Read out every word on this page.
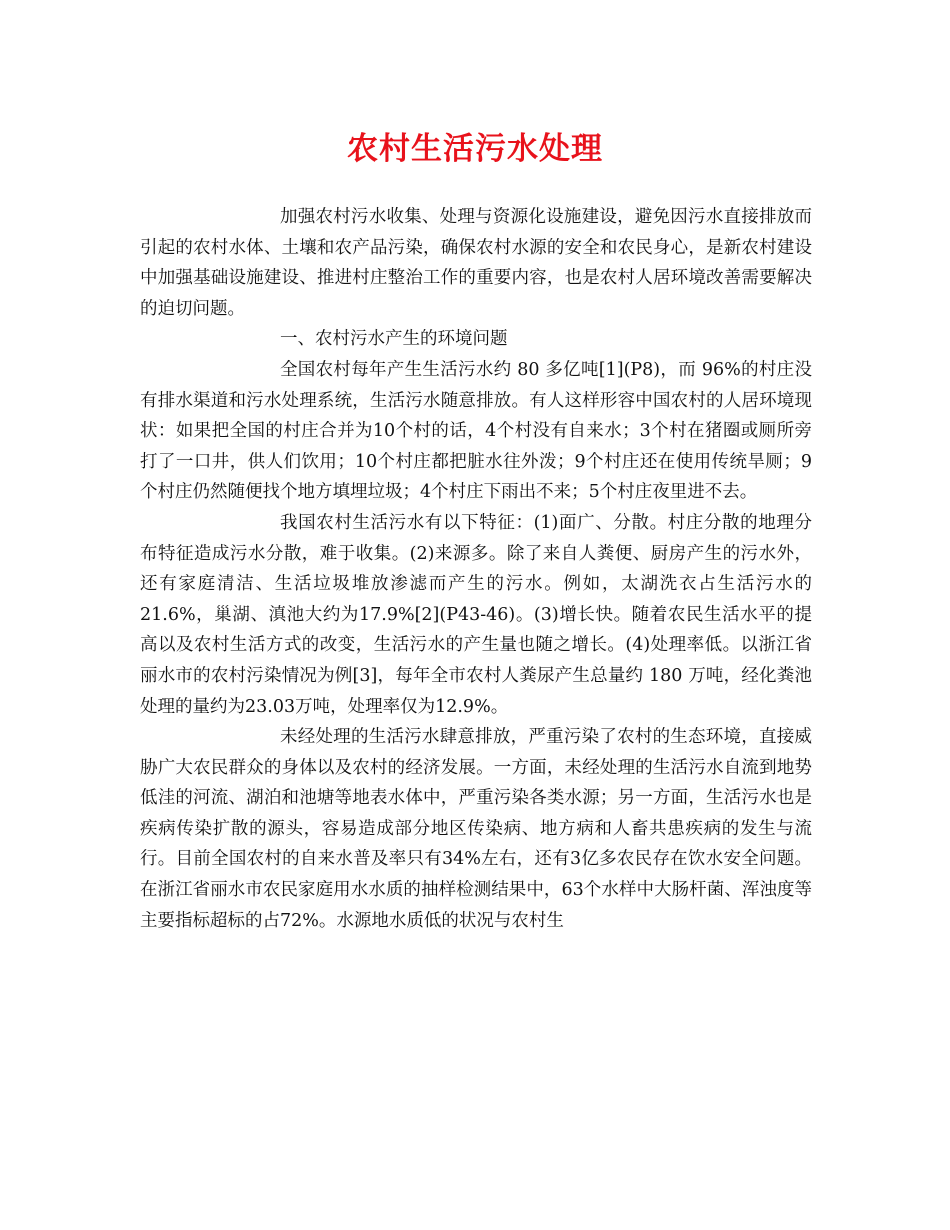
农村生活污水处理

加强农村污水收集、处理与资源化设施建设，避免因污水直接排放而引起的农村水体、土壤和农产品污染，确保农村水源的安全和农民身心，是新农村建设中加强基础设施建设、推进村庄整治工作的重要内容，也是农村人居环境改善需要解决的迫切问题。

一、农村污水产生的环境问题

全国农村每年产生生活污水约 80 多亿吨[1](P8)，而 96%的村庄没有排水渠道和污水处理系统，生活污水随意排放。有人这样形容中国农村的人居环境现状：如果把全国的村庄合并为10个村的话，4个村没有自来水；3个村在猪圈或厕所旁打了一口井，供人们饮用；10个村庄都把脏水往外泼；9个村庄还在使用传统旱厕；9个村庄仍然随便找个地方填埋垃圾；4个村庄下雨出不来；5个村庄夜里进不去。

我国农村生活污水有以下特征：(1)面广、分散。村庄分散的地理分布特征造成污水分散，难于收集。(2)来源多。除了来自人粪便、厨房产生的污水外，还有家庭清洁、生活垃圾堆放渗滤而产生的污水。例如，太湖洗衣占生活污水的21.6%，巢湖、滇池大约为17.9%[2](P43-46)。(3)增长快。随着农民生活水平的提高以及农村生活方式的改变，生活污水的产生量也随之增长。(4)处理率低。以浙江省丽水市的农村污染情况为例[3]，每年全市农村人粪尿产生总量约 180 万吨，经化粪池处理的量约为23.03万吨，处理率仅为12.9%。

未经处理的生活污水肆意排放，严重污染了农村的生态环境，直接威胁广大农民群众的身体以及农村的经济发展。一方面，未经处理的生活污水自流到地势低洼的河流、湖泊和池塘等地表水体中，严重污染各类水源；另一方面，生活污水也是疾病传染扩散的源头，容易造成部分地区传染病、地方病和人畜共患疾病的发生与流行。目前全国农村的自来水普及率只有34%左右，还有3亿多农民存在饮水安全问题。在浙江省丽水市农民家庭用水水质的抽样检测结果中，63个水样中大肠杆菌、浑浊度等主要指标超标的占72%。水源地水质低的状况与农村生
